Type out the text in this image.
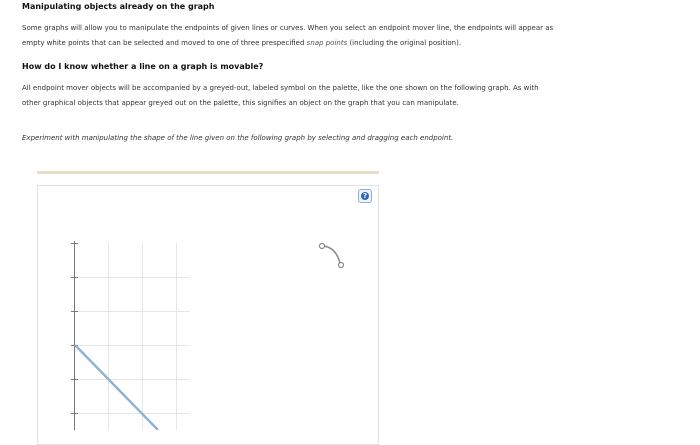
Manipulating objects already on the graph
Some graphs will allow you to manipulate the endpoints of given lines or curves. When you select an endpoint mover line, the endpoints will appear as
empty white points that can be selected and moved to one of three prespecified snap points (including the original position).
How do I know whether a line on a graph is movable?
All endpoint mover objects will be accompanied by a greyed-out, labeled symbol on the palette, like the one shown on the following graph. As with
other graphical objects that appear greyed out on the palette, this signifies an object on the graph that you can manipulate.
Experiment with manipulating the shape of the line given on the following graph by selecting and dragging each endpoint.
?
